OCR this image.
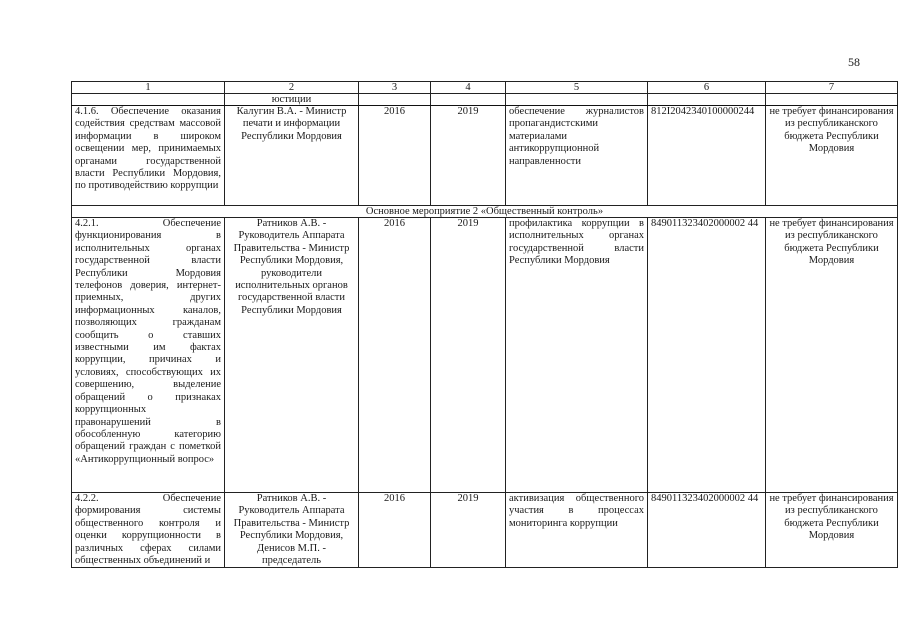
58
1	2	3	4	5	6	7
	юстиции					
4.1.6. Обеспечение оказания содействия средствам массовой информации в широком освещении мер, принимаемых органами государственной власти Республики Мордовия, по противодействию коррупции	Калугин В.А. - Министр печати и информации Республики Мордовия	2016	2019	обеспечение журналистов пропагандистскими материалами антикоррупционной направленности	812I2042340100000244	не требует финансирования из республиканского бюджета Республики Мордовия
Основное мероприятие 2 «Общественный контроль»						
4.2.1. Обеспечение функционирования в исполнительных органах государственной власти Республики Мордовия телефонов доверия, интернет-приемных, других информационных каналов, позволяющих гражданам сообщить о ставших известными им фактах коррупции, причинах и условиях, способствующих их совершению, выделение обращений о признаках коррупционных правонарушений в обособленную категорию обращений граждан с пометкой «Антикоррупционный вопрос»	Ратников А.В. - Руководитель Аппарата Правительства - Министр Республики Мордовия, руководители исполнительных органов государственной власти Республики Мордовия	2016	2019	профилактика коррупции в исполнительных органах государственной власти Республики Мордовия	849011323402000002 44	не требует финансирования из республиканского бюджета Республики Мордовия
4.2.2. Обеспечение формирования системы общественного контроля и оценки коррупционности в различных сферах силами общественных объединений и	Ратников А.В. - Руководитель Аппарата Правительства - Министр Республики Мордовия, Денисов М.П. - председатель	2016	2019	активизация общественного участия в процессах мониторинга коррупции	849011323402000002 44	не требует финансирования из республиканского бюджета Республики Мордовия
